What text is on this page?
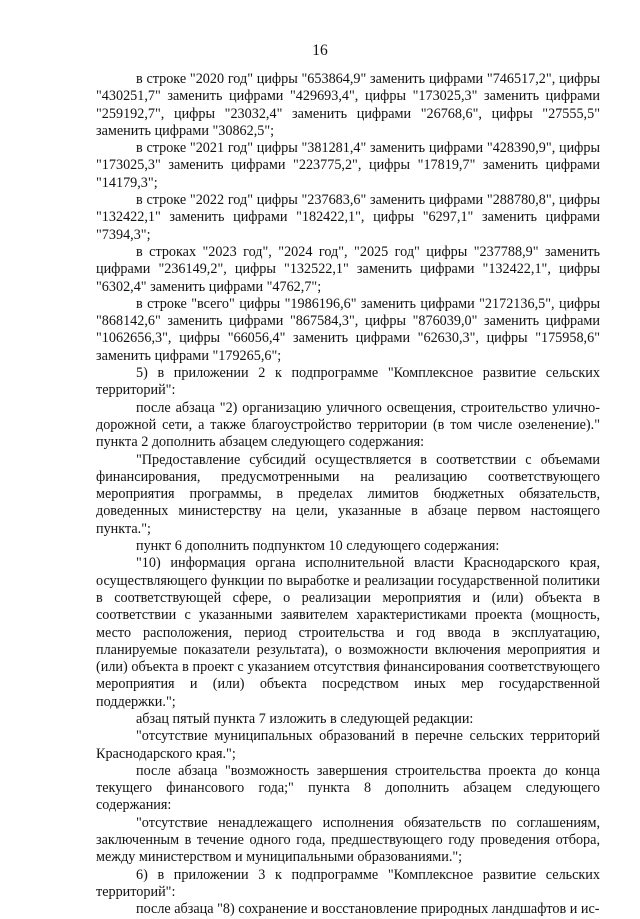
16

в строке "2020 год" цифры "653864,9" заменить цифрами "746517,2", цифры "430251,7" заменить цифрами "429693,4", цифры "173025,3" заменить цифрами "259192,7", цифры "23032,4" заменить цифрами "26768,6", цифры "27555,5" заменить цифрами "30862,5";

в строке "2021 год" цифры "381281,4" заменить цифрами "428390,9", цифры "173025,3" заменить цифрами "223775,2", цифры "17819,7" заменить цифрами "14179,3";

в строке "2022 год" цифры "237683,6" заменить цифрами "288780,8", цифры "132422,1" заменить цифрами "182422,1", цифры "6297,1" заменить цифрами "7394,3";

в строках "2023 год", "2024 год", "2025 год" цифры "237788,9" заменить цифрами "236149,2", цифры "132522,1" заменить цифрами "132422,1", цифры "6302,4" заменить цифрами "4762,7";

в строке "всего" цифры "1986196,6" заменить цифрами "2172136,5", цифры "868142,6" заменить цифрами "867584,3", цифры "876039,0" заменить цифрами "1062656,3", цифры "66056,4" заменить цифрами "62630,3", цифры "175958,6" заменить цифрами "179265,6";

5) в приложении 2 к подпрограмме "Комплексное развитие сельских территорий":

после абзаца "2) организацию уличного освещения, строительство улично-дорожной сети, а также благоустройство территории (в том числе озеленение)." пункта 2 дополнить абзацем следующего содержания:

"Предоставление субсидий осуществляется в соответствии с объемами финансирования, предусмотренными на реализацию соответствующего мероприятия программы, в пределах лимитов бюджетных обязательств, доведенных министерству на цели, указанные в абзаце первом настоящего пункта.";

пункт 6 дополнить подпунктом 10 следующего содержания:

"10) информация органа исполнительной власти Краснодарского края, осуществляющего функции по выработке и реализации государственной политики в соответствующей сфере, о реализации мероприятия и (или) объекта в соответствии с указанными заявителем характеристиками проекта (мощность, место расположения, период строительства и год ввода в эксплуатацию, планируемые показатели результата), о возможности включения мероприятия и (или) объекта в проект с указанием отсутствия финансирования соответствующего мероприятия и (или) объекта посредством иных мер государственной поддержки.";

абзац пятый пункта 7 изложить в следующей редакции:

"отсутствие муниципальных образований в перечне сельских территорий Краснодарского края.";

после абзаца "возможность завершения строительства проекта до конца текущего финансового года;" пункта 8 дополнить абзацем следующего содержания:

"отсутствие ненадлежащего исполнения обязательств по соглашениям, заключенным в течение одного года, предшествующего году проведения отбора, между министерством и муниципальными образованиями.";

6) в приложении 3 к подпрограмме "Комплексное развитие сельских территорий":

после абзаца "8) сохранение и восстановление природных ландшафтов и ис-
